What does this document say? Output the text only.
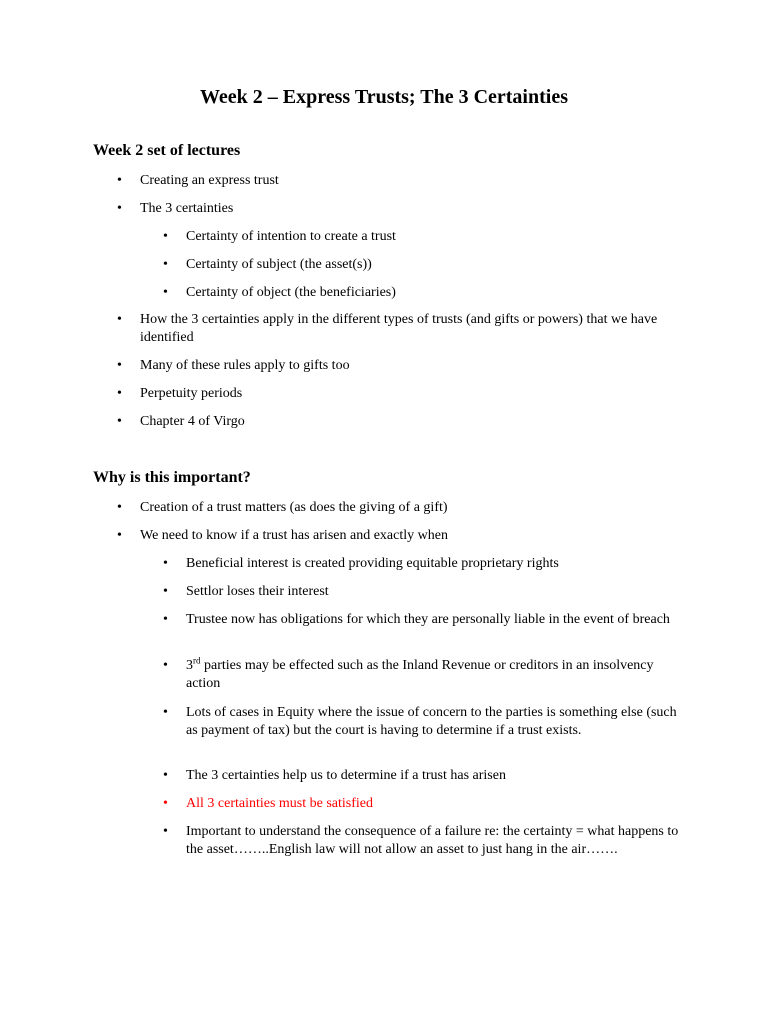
Week 2 – Express Trusts; The 3 Certainties
Week 2 set of lectures
• Creating an express trust
• The 3 certainties
• Certainty of intention to create a trust
• Certainty of subject (the asset(s))
• Certainty of object (the beneficiaries)
• How the 3 certainties apply in the different types of trusts (and gifts or powers) that we have identified
• Many of these rules apply to gifts too
• Perpetuity periods
• Chapter 4 of Virgo
Why is this important?
• Creation of a trust matters (as does the giving of a gift)
• We need to know if a trust has arisen and exactly when
• Beneficial interest is created providing equitable proprietary rights
• Settlor loses their interest
• Trustee now has obligations for which they are personally liable in the event of breach
• 3rd parties may be effected such as the Inland Revenue or creditors in an insolvency action
• Lots of cases in Equity where the issue of concern to the parties is something else (such as payment of tax) but the court is having to determine if a trust exists.
• The 3 certainties help us to determine if a trust has arisen
• All 3 certainties must be satisfied
• Important to understand the consequence of a failure re: the certainty = what happens to the asset……..English law will not allow an asset to just hang in the air…….
